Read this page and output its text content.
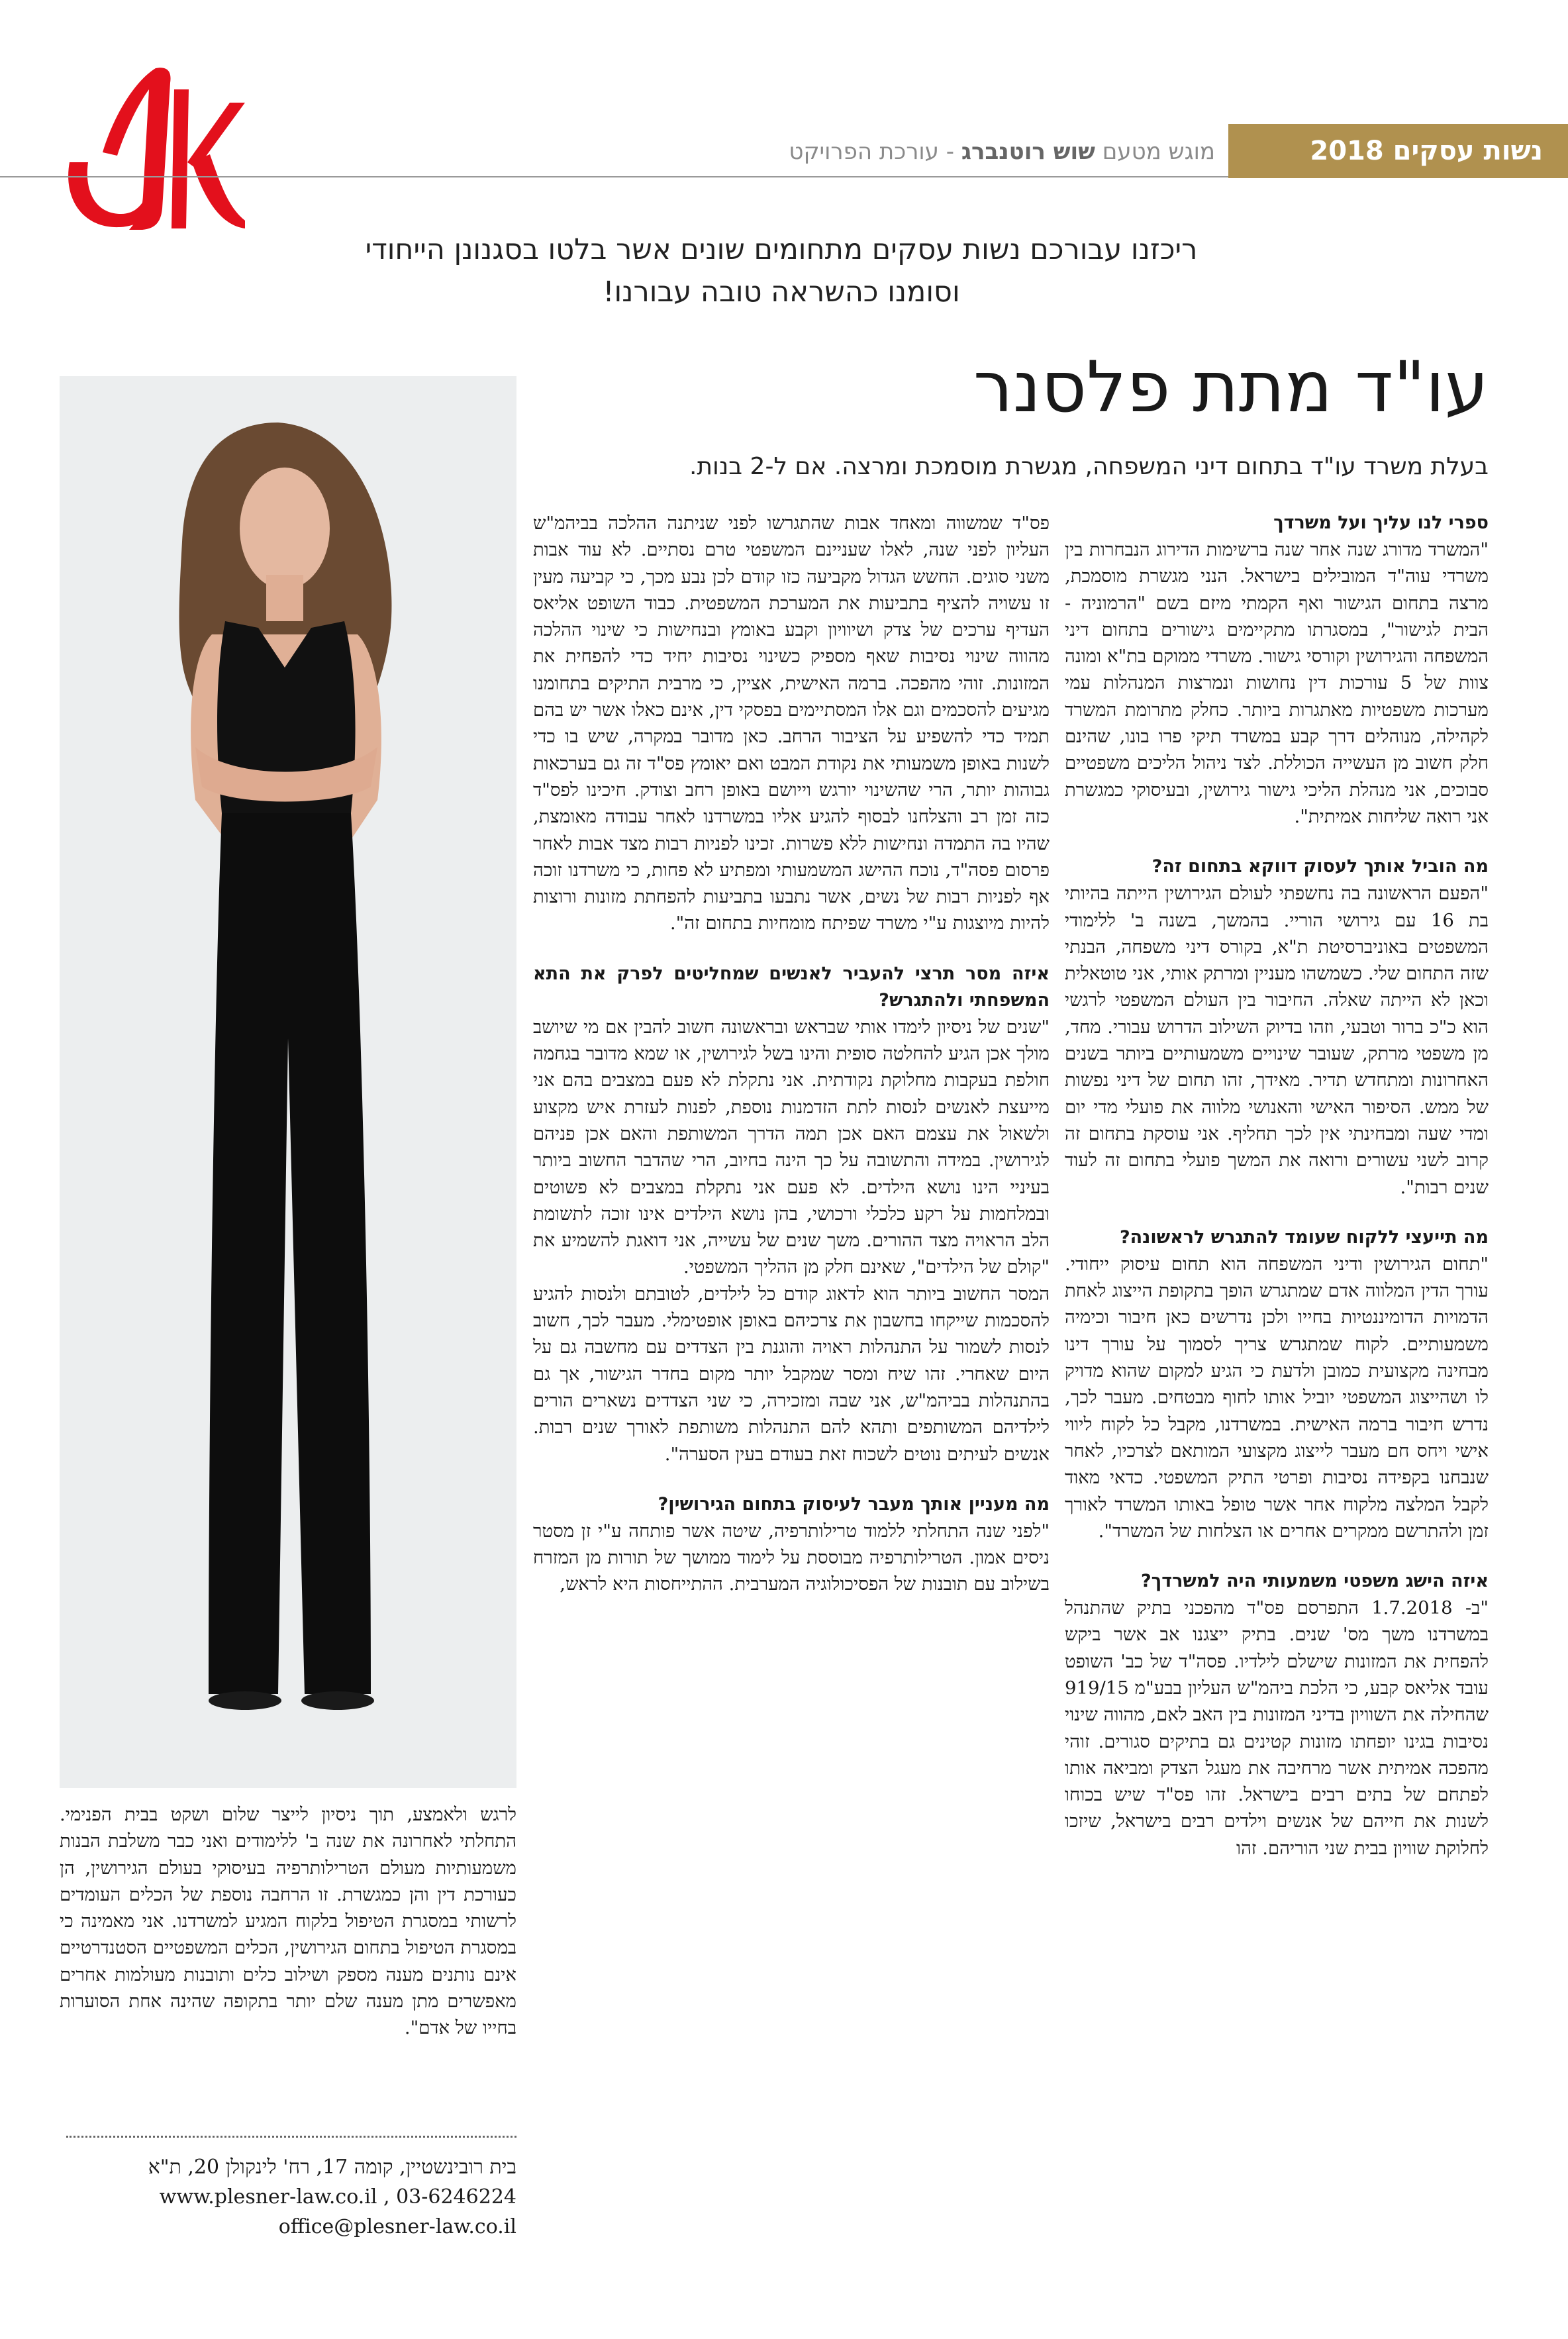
נשות עסקים 2018
מוגש מטעם

שוש רוטנברג

- עורכת הפרויקט
ריכזנו עבורכם נשות עסקים מתחומים שונים אשר בלטו בסגנונן הייחודי
וסומנו כהשראה טובה עבורנו!
עו"ד מתת פלסנר
בעלת משרד עו"ד בתחום דיני המשפחה, מגשרת מוסמכת ומרצה. אם ל-2 בנות.
ספרי לנו עליך ועל משרדך

"המשרד מדורג שנה אחר שנה ברשימות הדירוג הנבחרות בין משרדי עוה"ד המובילים בישראל. הנני מגשרת מוסמכת, מרצה בתחום הגישור ואף הקמתי מיזם בשם "הרמוניה - הבית לגישור", במסגרתו מתקיימים גישורים בתחום דיני המשפחה והגירושין וקורסי גישור. משרדי ממוקם בת"א ומונה צוות של 5 עורכות דין נחושות ונמרצות המנהלות עמי מערכות משפטיות מאתגרות ביותר. כחלק מתרומת המשרד לקהילה, מנוהלים דרך קבע במשרד תיקי פרו בונו, שהינם חלק חשוב מן העשייה הכוללת. לצד ניהול הליכים משפטיים סבוכים, אני מנהלת הליכי גישור גירושין, ובעיסוקי כמגשרת אני רואה שליחות אמיתית".

מה הוביל אותך לעסוק דווקא בתחום זה?

"הפעם הראשונה בה נחשפתי לעולם הגירושין הייתה בהיותי בת 16 עם גירושי הוריי. בהמשך, בשנה ב' ללימודי המשפטים באוניברסיטת ת"א, בקורס דיני משפחה, הבנתי שזה התחום שלי. כשמשהו מעניין ומרתק אותי, אני טוטאלית וכאן לא הייתה שאלה. החיבור בין העולם המשפטי לרגשי הוא כ"כ ברור וטבעי, וזהו בדיוק השילוב הדרוש עבורי. מחד, מן משפטי מרתק, שעובר שינויים משמעותיים ביותר בשנים האחרונות ומתחדש תדיר. מאידך, זהו תחום של דיני נפשות של ממש. הסיפור האישי והאנושי מלווה את פועלי מדי יום ומדי שעה ומבחינתי אין לכך תחליף. אני עוסקת בתחום זה קרוב לשני עשורים ורואה את המשך פועלי בתחום זה לעוד שנים רבות".

מה תייעצי ללקוח שעומד להתגרש לראשונה?

"תחום הגירושין ודיני המשפחה הוא תחום עיסוק ייחודי. עורך הדין המלווה אדם שמתגרש הופך בתקופת הייצוג לאחת הדמויות הדומיננטיות בחייו ולכן נדרשים כאן חיבור וכימיה משמעותיים. לקוח שמתגרש צריך לסמוך על עורך דינו מבחינה מקצועית כמובן ולדעת כי הגיע למקום שהוא מדויק לו ושהייצוג המשפטי יוביל אותו לחוף מבטחים. מעבר לכך, נדרש חיבור ברמה האישית. במשרדנו, מקבל כל לקוח ליווי אישי ויחס חם מעבר לייצוג מקצועי המותאם לצרכיו, לאחר שנבחנו בקפידה נסיבות ופרטי התיק המשפטי. כדאי מאוד לקבל המלצה מלקוח אחר אשר טופל באותו המשרד לאורך זמן ולהתרשם ממקרים אחרים או הצלחות של המשרד".

איזה הישג משפטי משמעותי היה למשרדך?

"ב- 1.7.2018 התפרסם פס"ד מהפכני בתיק שהתנהל במשרדנו משך מס' שנים. בתיק ייצגנו אב אשר ביקש להפחית את המזונות שישלם לילדיו. פסה"ד של כב' השופט עובד אליאס קבע, כי הלכת ביהמ"ש העליון בבע"מ 919/15 שהחילה את השוויון בדיני המזונות בין האב לאם, מהווה שינוי נסיבות בגינו יופחתו מזונות קטינים גם בתיקים סגורים. זוהי מהפכה אמיתית אשר מרחיבה את מעגל הצדק ומביאה אותו לפתחם של בתים רבים בישראל. זהו פס"ד שיש בכוחו לשנות את חייהם של אנשים וילדים רבים בישראל, שיזכו לחלוקת שוויון בבית שני הוריהם. זהו

פס"ד שמשווה ומאחד אבות שהתגרשו לפני שניתנה ההלכה בביהמ"ש העליון לפני שנה, לאלו שעניינם המשפטי טרם נסתיים. לא עוד אבות משני סוגים. החשש הגדול מקביעה כזו קודם לכן נבע מכך, כי קביעה מעין זו עשויה להציף בתביעות את המערכת המשפטית. כבוד השופט אליאס העדיף ערכים של צדק ושיוויון וקבע באומץ ובנחישות כי שינוי ההלכה מהווה שינוי נסיבות שאף מספיק כשינוי נסיבות יחיד כדי להפחית את המזונות. זוהי מהפכה. ברמה האישית, אציין, כי מרבית התיקים בתחומנו מגיעים להסכמים וגם אלו המסתיימים בפסקי דין, אינם כאלו אשר יש בהם תמיד כדי להשפיע על הציבור הרחב. כאן מדובר במקרה, שיש בו כדי לשנות באופן משמעותי את נקודת המבט ואם יאומץ פס"ד זה גם בערכאות גבוהות יותר, הרי שהשינוי יורגש וייושם באופן רחב וצודק. חיכינו לפס"ד כזה זמן רב והצלחנו לבסוף להגיע אליו במשרדנו לאחר עבודה מאומצת, שהיו בה התמדה ונחישות ללא פשרות. זכינו לפניות רבות מצד אבות לאחר פרסום פסה"ד, נוכח ההישג המשמעותי ומפתיע לא פחות, כי משרדנו זוכה אף לפניות רבות של נשים, אשר נתבעו בתביעות להפחתת מזונות ורוצות להיות מיוצגות ע"י משרד שפיתח מומחיות בתחום זה".

איזה מסר תרצי להעביר לאנשים שמחליטים לפרק את התא המשפחתי ולהתגרש?

"שנים של ניסיון לימדו אותי שבראש ובראשונה חשוב להבין אם מי שיושב מולך אכן הגיע להחלטה סופית והינו בשל לגירושין, או שמא מדובר בגחמה חולפת בעקבות מחלוקת נקודתית. אני נתקלת לא פעם במצבים בהם אני מייעצת לאנשים לנסות לתת הזדמנות נוספת, לפנות לעזרת איש מקצוע ולשאול את עצמם האם אכן תמה הדרך המשותפת והאם אכן פניהם לגירושין. במידה והתשובה על כך הינה בחיוב, הרי שהדבר החשוב ביותר בעיניי הינו נושא הילדים. לא פעם אני נתקלת במצבים לא פשוטים ובמלחמות על רקע כלכלי ורכושי, בהן נושא הילדים אינו זוכה לתשומת הלב הראויה מצד ההורים. משך שנים של עשייה, אני דואגת להשמיע את "קולם של הילדים", שאינם חלק מן ההליך המשפטי.

המסר החשוב ביותר הוא לדאוג קודם כל לילדים, לטובתם ולנסות להגיע להסכמות שייקחו בחשבון את צרכיהם באופן אופטימלי. מעבר לכך, חשוב לנסות לשמור על התנהלות ראויה והוגנת בין הצדדים עם מחשבה גם על היום שאחרי. זהו שיח ומסר שמקבל יותר מקום בחדר הגישור, אך גם בהתנהלות בביהמ"ש, אני שבה ומזכירה, כי שני הצדדים נשארים הורים לילדיהם המשותפים ותהא להם התנהלות משותפת לאורך שנים רבות. אנשים לעיתים נוטים לשכוח זאת בעודם בעין הסערה".

מה מעניין אותך מעבר לעיסוק בתחום הגירושין?

"לפני שנה התחלתי ללמוד טרילותרפיה, שיטה אשר פותחה ע"י זן מסטר ניסים אמון. הטרילותרפיה מבוססת על לימוד ממושך של תורות מן המזרח בשילוב עם תובנות של הפסיכולוגיה המערבית. ההתייחסות היא לראש,

לרגש ולאמצע, תוך ניסיון לייצר שלום ושקט בבית הפנימי. התחלתי לאחרונה את שנה ב' ללימודים ואני כבר משלבת הבנות משמעותיות מעולם הטרילותרפיה בעיסוקי בעולם הגירושין, הן כעורכת דין והן כמגשרת. זו הרחבה נוספת של הכלים העומדים לרשותי במסגרת הטיפול בלקוח המגיע למשרדנו. אני מאמינה כי במסגרת הטיפול בתחום הגירושין, הכלים המשפטיים הסטנדרטיים אינם נותנים מענה מספק ושילוב כלים ותובנות מעולמות אחרים מאפשרים מתן מענה שלם יותר בתקופה שהינה אחת הסוערות בחייו של אדם".

בית רובינשטיין, קומה 17, רח' לינקולן 20, ת"א
www.plesner-law.co.il , 03-6246224
office@plesner-law.co.il
